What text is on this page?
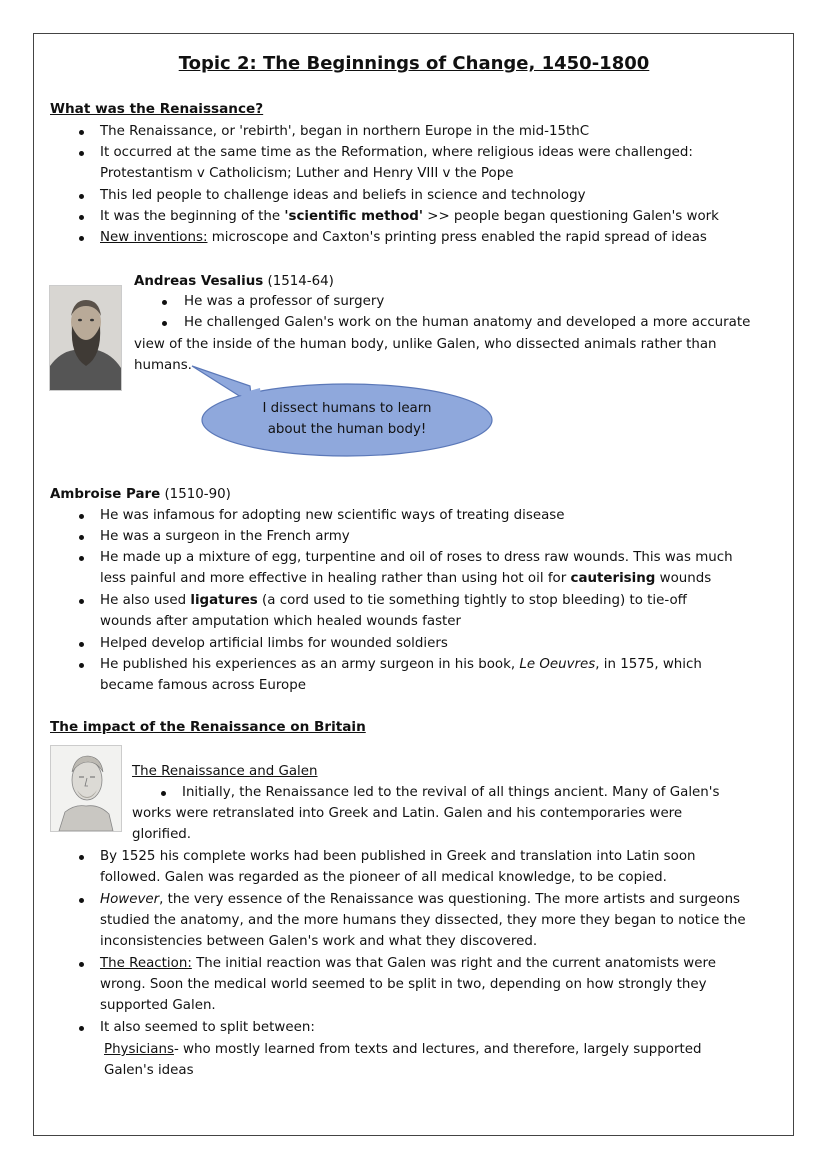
Topic 2: The Beginnings of Change, 1450-1800
What was the Renaissance?
The Renaissance, or 'rebirth', began in northern Europe in the mid-15thC
It occurred at the same time as the Reformation, where religious ideas were challenged:
Protestantism v Catholicism; Luther and Henry VIII v the Pope
This led people to challenge ideas and beliefs in science and technology
It was the beginning of the 'scientific method' >> people began questioning Galen's work
New inventions: microscope and Caxton's printing press enabled the rapid spread of ideas
Andreas Vesalius (1514-64)
He was a professor of surgery
He challenged Galen's work on the human anatomy and developed a more accurate
view of the inside of the human body, unlike Galen, who dissected animals rather than
humans.
I dissect humans to learn
about the human body!
Ambroise Pare (1510-90)
He was infamous for adopting new scientific ways of treating disease
He was a surgeon in the French army
He made up a mixture of egg, turpentine and oil of roses to dress raw wounds. This was much
less painful and more effective in healing rather than using hot oil for cauterising wounds
He also used ligatures (a cord used to tie something tightly to stop bleeding) to tie-off
wounds after amputation which healed wounds faster
Helped develop artificial limbs for wounded soldiers
He published his experiences as an army surgeon in his book, Le Oeuvres, in 1575, which
became famous across Europe
The impact of the Renaissance on Britain
The Renaissance and Galen
Initially, the Renaissance led to the revival of all things ancient. Many of Galen's
works were retranslated into Greek and Latin. Galen and his contemporaries were
glorified.
By 1525 his complete works had been published in Greek and translation into Latin soon
followed. Galen was regarded as the pioneer of all medical knowledge, to be copied.
However, the very essence of the Renaissance was questioning. The more artists and surgeons
studied the anatomy, and the more humans they dissected, they more they began to notice the
inconsistencies between Galen's work and what they discovered.
The Reaction: The initial reaction was that Galen was right and the current anatomists were
wrong. Soon the medical world seemed to be split in two, depending on how strongly they
supported Galen.
It also seemed to split between:
Physicians- who mostly learned from texts and lectures, and therefore, largely supported
Galen's ideas
